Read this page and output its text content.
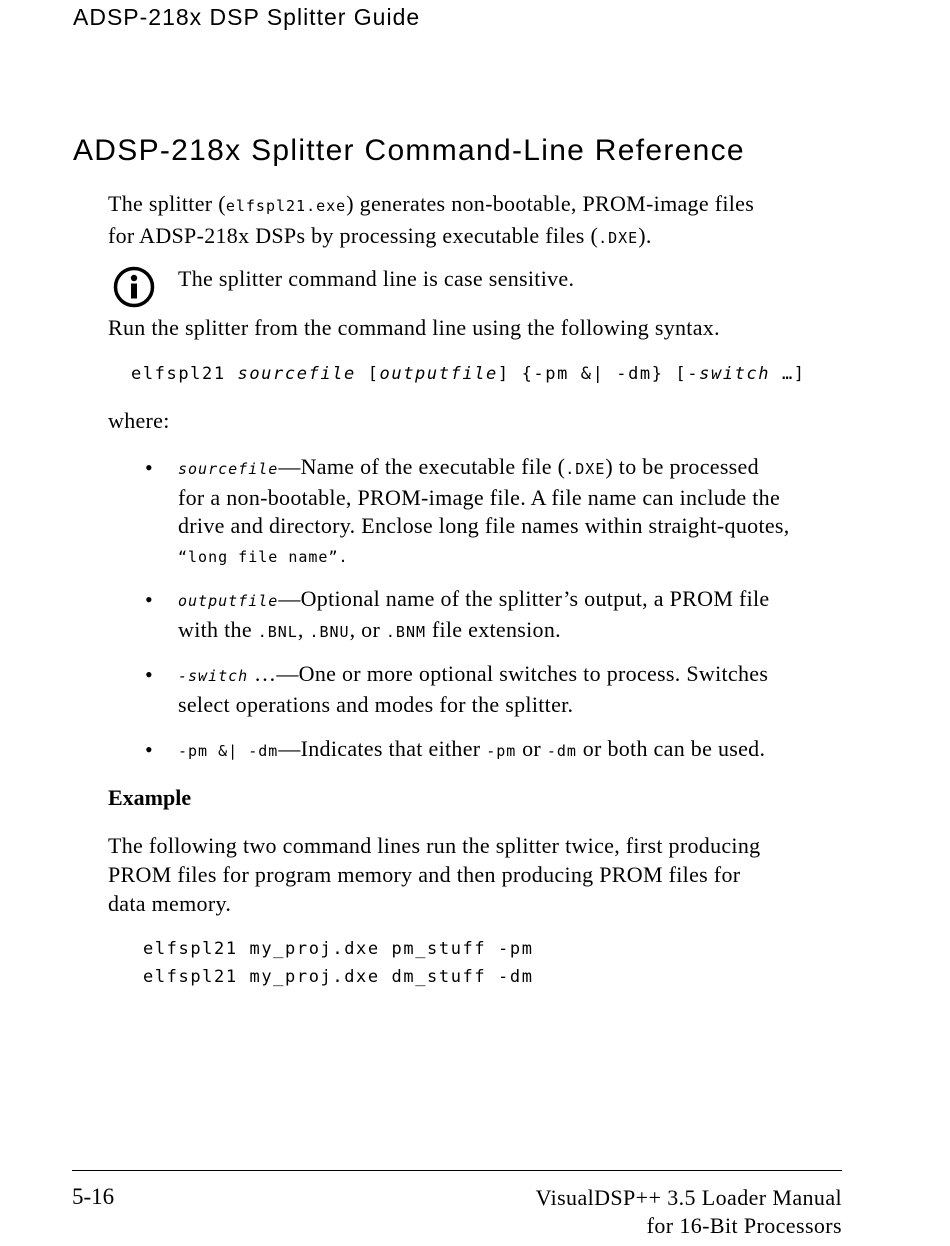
ADSP-218x DSP Splitter Guide
ADSP-218x Splitter Command-Line Reference
The splitter (elfspl21.exe) generates non-bootable, PROM-image files
for ADSP-218x DSPs by processing executable files (.DXE).
The splitter command line is case sensitive.
Run the splitter from the command line using the following syntax.
elfspl21 sourcefile [outputfile] {-pm &| -dm} [-switch …]
where:
• sourcefile—Name of the executable file (.DXE) to be processed
for a non-bootable, PROM-image file. A file name can include the
drive and directory. Enclose long file names within straight-quotes,
“long file name”.
• outputfile—Optional name of the splitter’s output, a PROM file
with the .BNL, .BNU, or .BNM file extension.
• -switch …—One or more optional switches to process. Switches
select operations and modes for the splitter.
• -pm &| -dm—Indicates that either -pm or -dm or both can be used.
Example
The following two command lines run the splitter twice, first producing
PROM files for program memory and then producing PROM files for
data memory.
elfspl21 my_proj.dxe pm_stuff -pm
elfspl21 my_proj.dxe dm_stuff -dm
5-16	VisualDSP++ 3.5 Loader Manual
for 16-Bit Processors
